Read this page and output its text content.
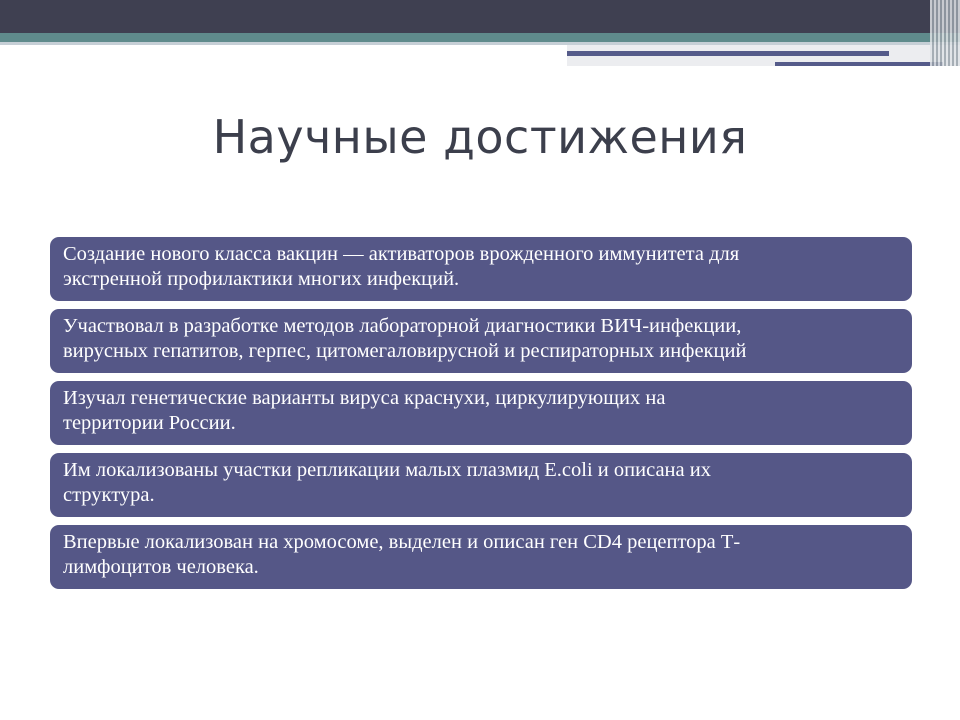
Научные достижения
Создание нового класса вакцин — активаторов врожденного иммунитета для
экстренной профилактики многих инфекций.
Участвовал в разработке методов лабораторной диагностики ВИЧ-инфекции,
вирусных гепатитов, герпес, цитомегаловирусной и респираторных инфекций
Изучал генетические варианты вируса краснухи, циркулирующих на
территории России.
Им локализованы участки репликации малых плазмид E.coli и описана их
структура.
Впервые локализован на хромосоме, выделен и описан ген CD4 рецептора Т-
лимфоцитов человека.
